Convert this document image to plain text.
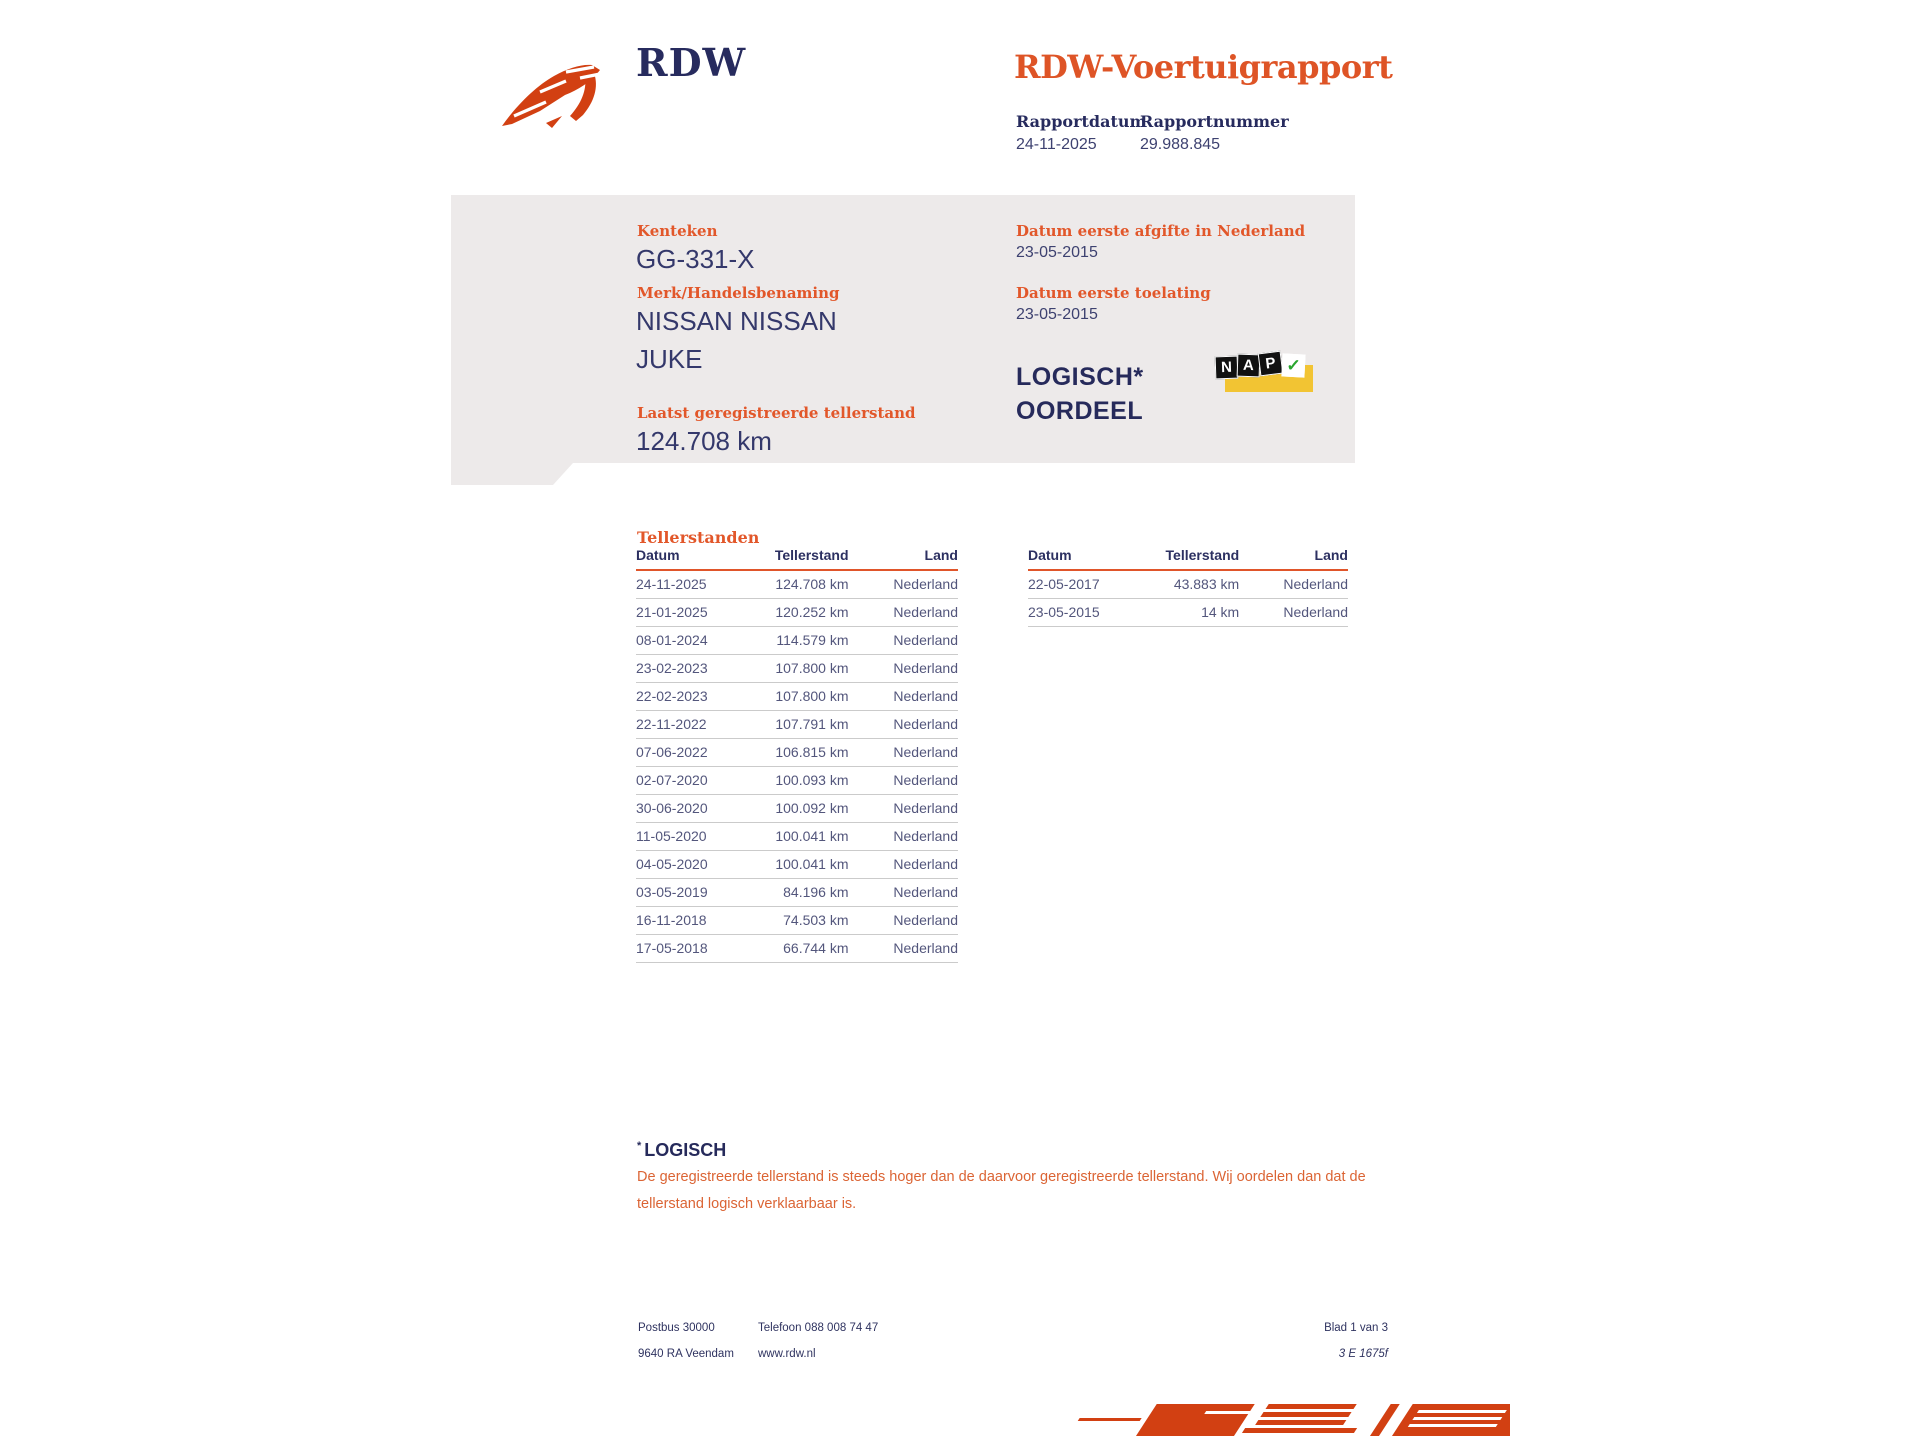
RDW	RDW-Voertuigrapport
Rapportdatum
24-11-2025
Rapportnummer
29.988.845
Kenteken
GG-331-X
Merk/Handelsbenaming
NISSAN NISSAN JUKE
Laatst geregistreerde tellerstand
124.708 km
Datum eerste afgifte in Nederland
23-05-2015
Datum eerste toelating
23-05-2015
LOGISCH*
OORDEEL
N A P ✓
Tellerstanden
Datum	Tellerstand	Land
24-11-2025	124.708 km	Nederland
21-01-2025	120.252 km	Nederland
08-01-2024	114.579 km	Nederland
23-02-2023	107.800 km	Nederland
22-02-2023	107.800 km	Nederland
22-11-2022	107.791 km	Nederland
07-06-2022	106.815 km	Nederland
02-07-2020	100.093 km	Nederland
30-06-2020	100.092 km	Nederland
11-05-2020	100.041 km	Nederland
04-05-2020	100.041 km	Nederland
03-05-2019	84.196 km	Nederland
16-11-2018	74.503 km	Nederland
17-05-2018	66.744 km	Nederland
Datum	Tellerstand	Land
22-05-2017	43.883 km	Nederland
23-05-2015	14 km	Nederland
* LOGISCH
De geregistreerde tellerstand is steeds hoger dan de daarvoor geregistreerde tellerstand. Wij oordelen dan dat de tellerstand logisch verklaarbaar is.
Postbus 30000
9640 RA Veendam
Telefoon 088 008 74 47
www.rdw.nl
Blad 1 van 3
3 E 1675f
